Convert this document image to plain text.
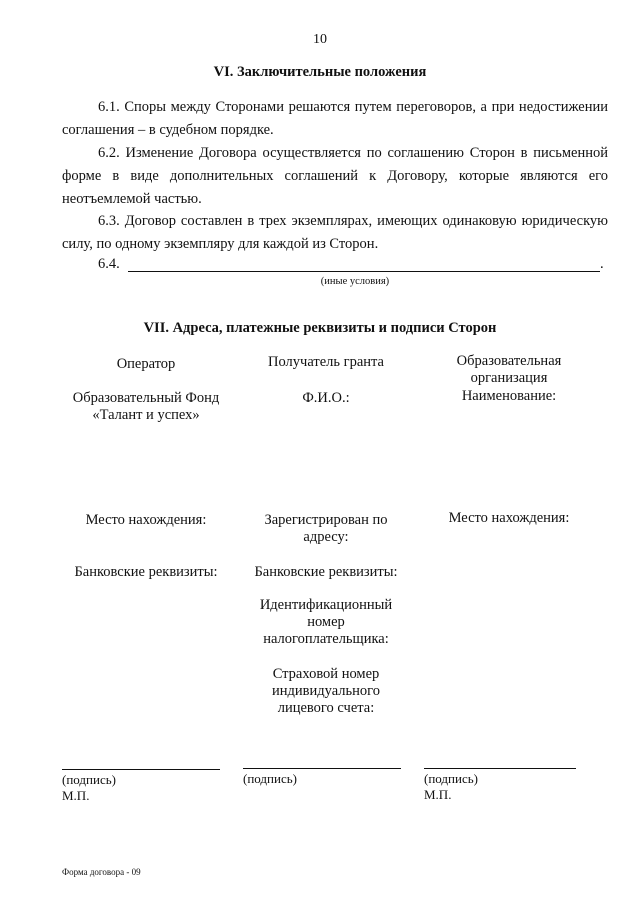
10
VI. Заключительные положения
6.1. Споры между Сторонами решаются путем переговоров, а при недостижении соглашения – в судебном порядке.
6.2. Изменение Договора осуществляется по соглашению Сторон в письменной форме в виде дополнительных соглашений к Договору, которые являются его неотъемлемой частью.
6.3. Договор составлен в трех экземплярах, имеющих одинаковую юридическую силу, по одному экземпляру для каждой из Сторон.
6.4.	.
(иные условия)
VII. Адреса, платежные реквизиты и подписи Сторон
Оператор
Образовательный Фонд «Талант и успех»
Место нахождения:
Банковские реквизиты:
Получатель гранта
Ф.И.О.:
Зарегистрирован по адресу:
Банковские реквизиты:
Идентификационный номер налогоплательщика:
Страховой номер индивидуального лицевого счета:
Образовательная организация
Наименование:
Место нахождения:
(подпись)
М.П.
(подпись)	(подпись)
М.П.
Форма договора - 09
